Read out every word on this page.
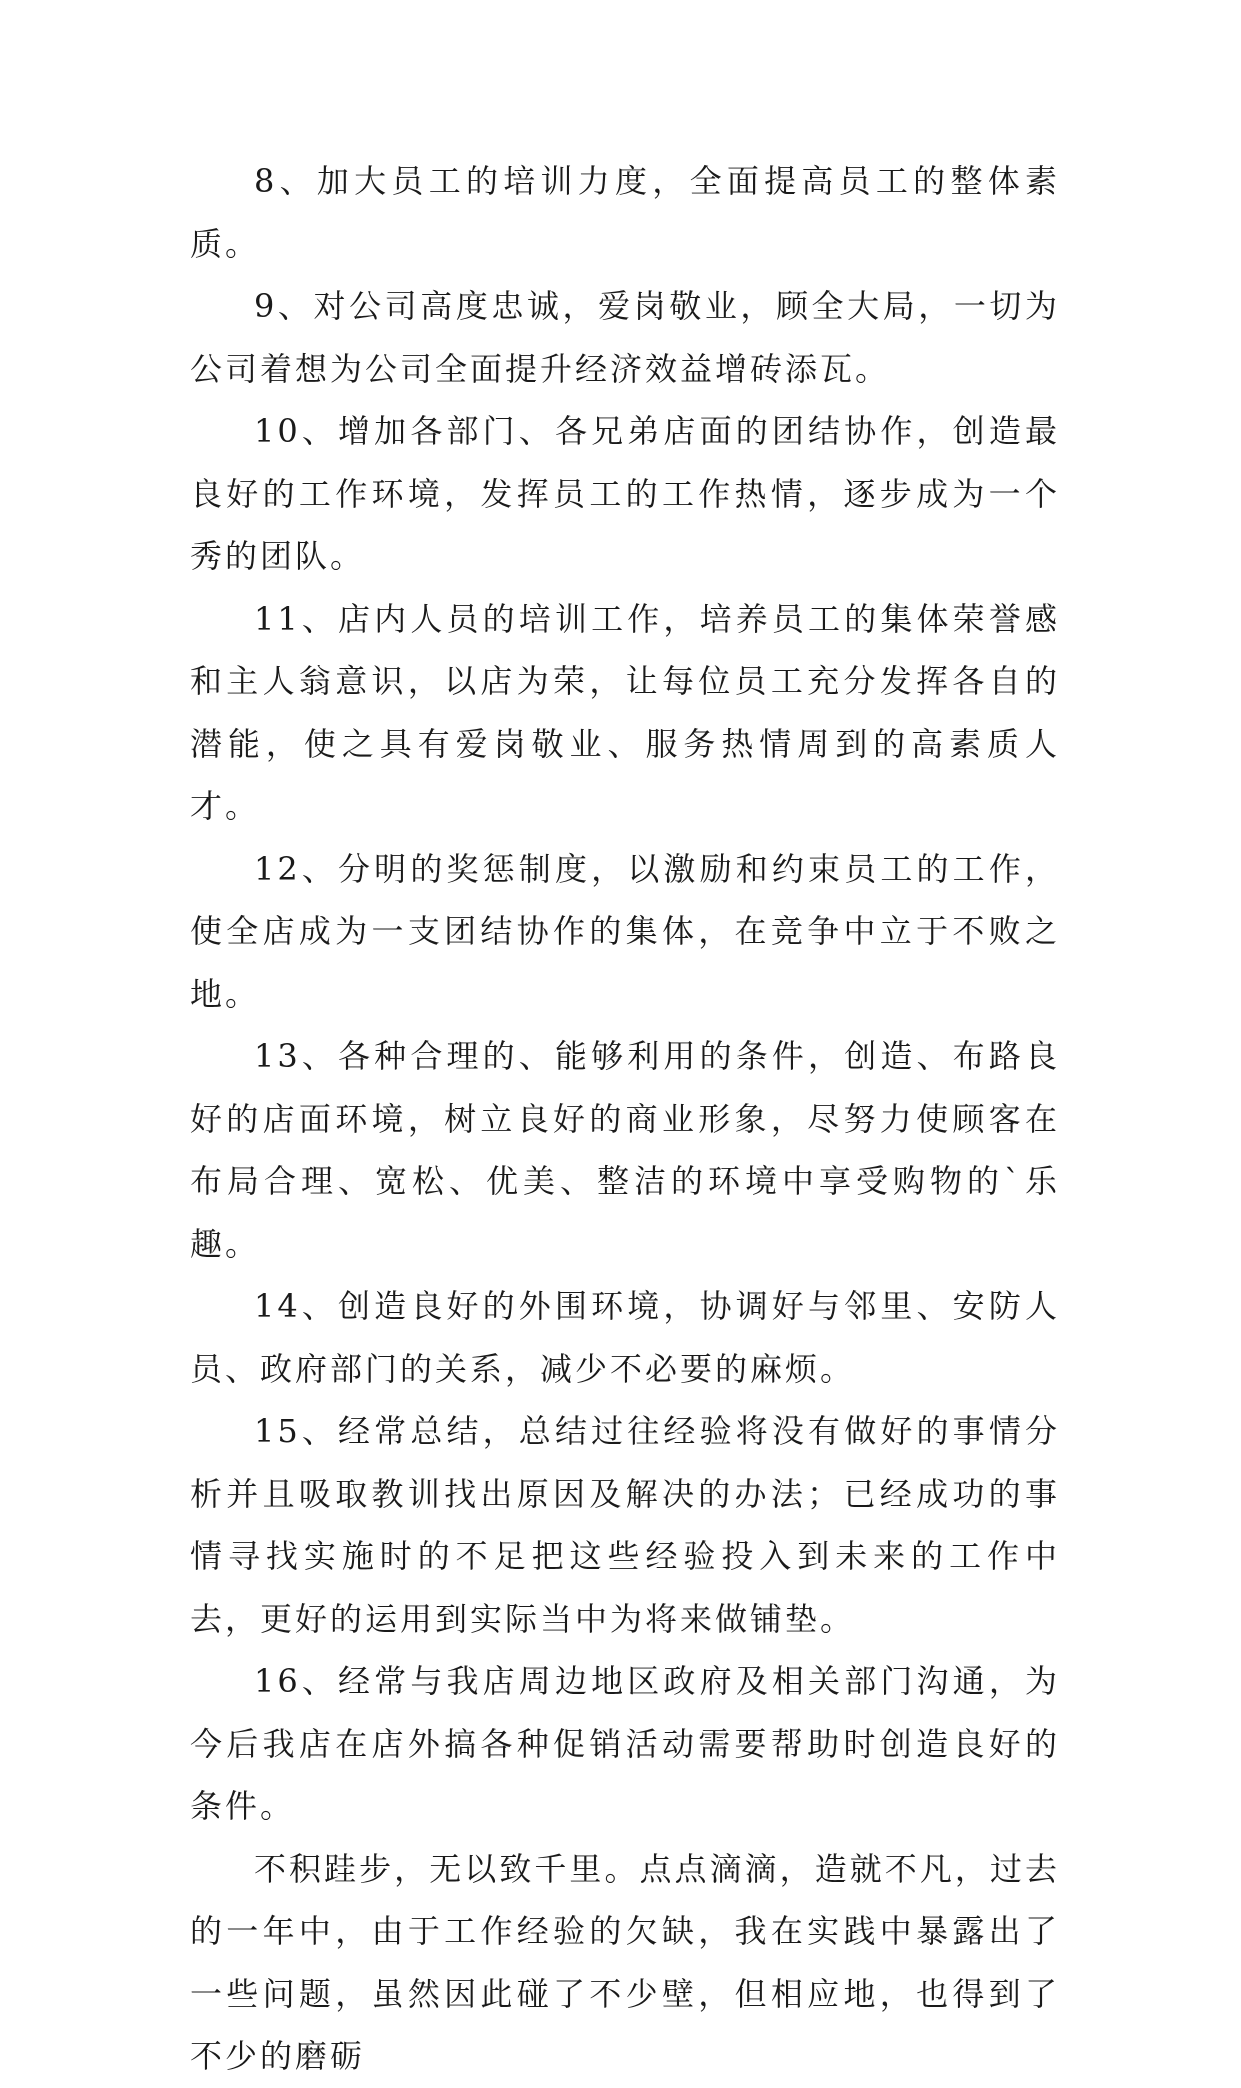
8、加大员工的培训力度，全面提高员工的整体素质。

9、对公司高度忠诚，爱岗敬业，顾全大局，一切为公司着想为公司全面提升经济效益增砖添瓦。

10、增加各部门、各兄弟店面的团结协作，创造最良好的工作环境，发挥员工的工作热情，逐步成为一个秀的团队。

11、店内人员的培训工作，培养员工的集体荣誉感和主人翁意识，以店为荣，让每位员工充分发挥各自的潜能，使之具有爱岗敬业、服务热情周到的高素质人才。

12、分明的奖惩制度，以激励和约束员工的工作，使全店成为一支团结协作的集体，在竞争中立于不败之地。

13、各种合理的、能够利用的条件，创造、布路良好的店面环境，树立良好的商业形象，尽努力使顾客在布局合理、宽松、优美、整洁的环境中享受购物的`乐趣。

14、创造良好的外围环境，协调好与邻里、安防人员、政府部门的关系，减少不必要的麻烦。

15、经常总结，总结过往经验将没有做好的事情分析并且吸取教训找出原因及解决的办法；已经成功的事情寻找实施时的不足把这些经验投入到未来的工作中去，更好的运用到实际当中为将来做铺垫。

16、经常与我店周边地区政府及相关部门沟通，为今后我店在店外搞各种促销活动需要帮助时创造良好的条件。

不积跬步，无以致千里。点点滴滴，造就不凡，过去的一年中，由于工作经验的欠缺，我在实践中暴露出了一些问题，虽然因此碰了不少壁，但相应地，也得到了不少的磨砺
